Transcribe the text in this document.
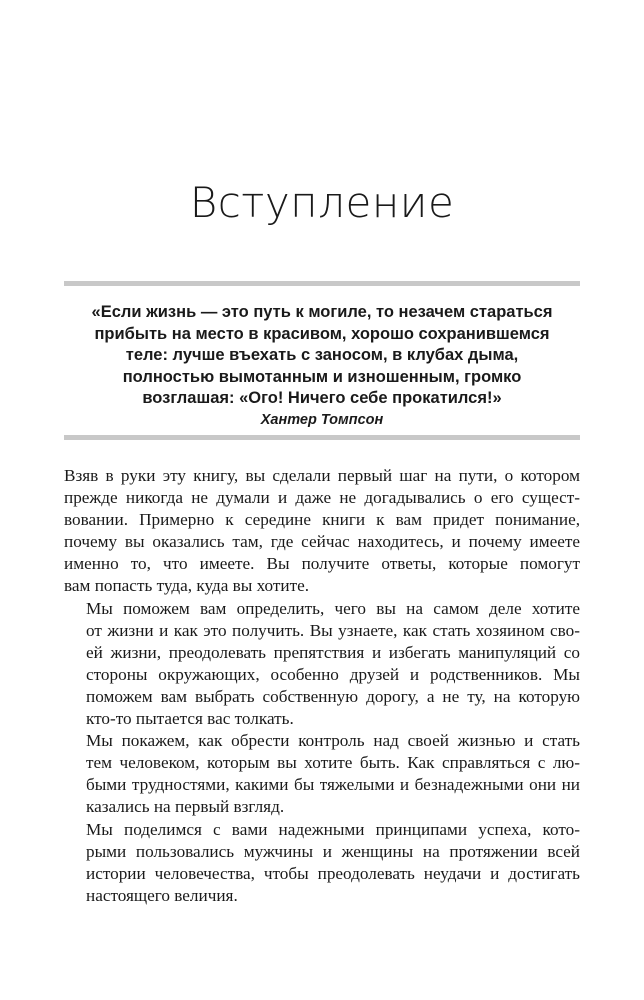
Вступление
«Если жизнь — это путь к могиле, то незачем стараться
прибыть на место в красивом, хорошо сохранившемся
теле: лучше въехать с заносом, в клубах дыма,
полностью вымотанным и изношенным, громко
возглашая: «Ого! Ничего себе прокатился!»
Хантер Томпсон

Взяв в руки эту книгу, вы сделали первый шаг на пути, о котором
прежде никогда не думали и даже не догадывались о его сущест-
вовании. Примерно к середине книги к вам придет понимание,
почему вы оказались там, где сейчас находитесь, и почему имеете
именно то, что имеете. Вы получите ответы, которые помогут
вам попасть туда, куда вы хотите.

Мы поможем вам определить, чего вы на самом деле хотите
от жизни и как это получить. Вы узнаете, как стать хозяином сво-
ей жизни, преодолевать препятствия и избегать манипуляций со
стороны окружающих, особенно друзей и родственников. Мы
поможем вам выбрать собственную дорогу, а не ту, на которую
кто-то пытается вас толкать.

Мы покажем, как обрести контроль над своей жизнью и стать
тем человеком, которым вы хотите быть. Как справляться с лю-
быми трудностями, какими бы тяжелыми и безнадежными они ни
казались на первый взгляд.

Мы поделимся с вами надежными принципами успеха, кото-
рыми пользовались мужчины и женщины на протяжении всей
истории человечества, чтобы преодолевать неудачи и достигать
настоящего величия.
